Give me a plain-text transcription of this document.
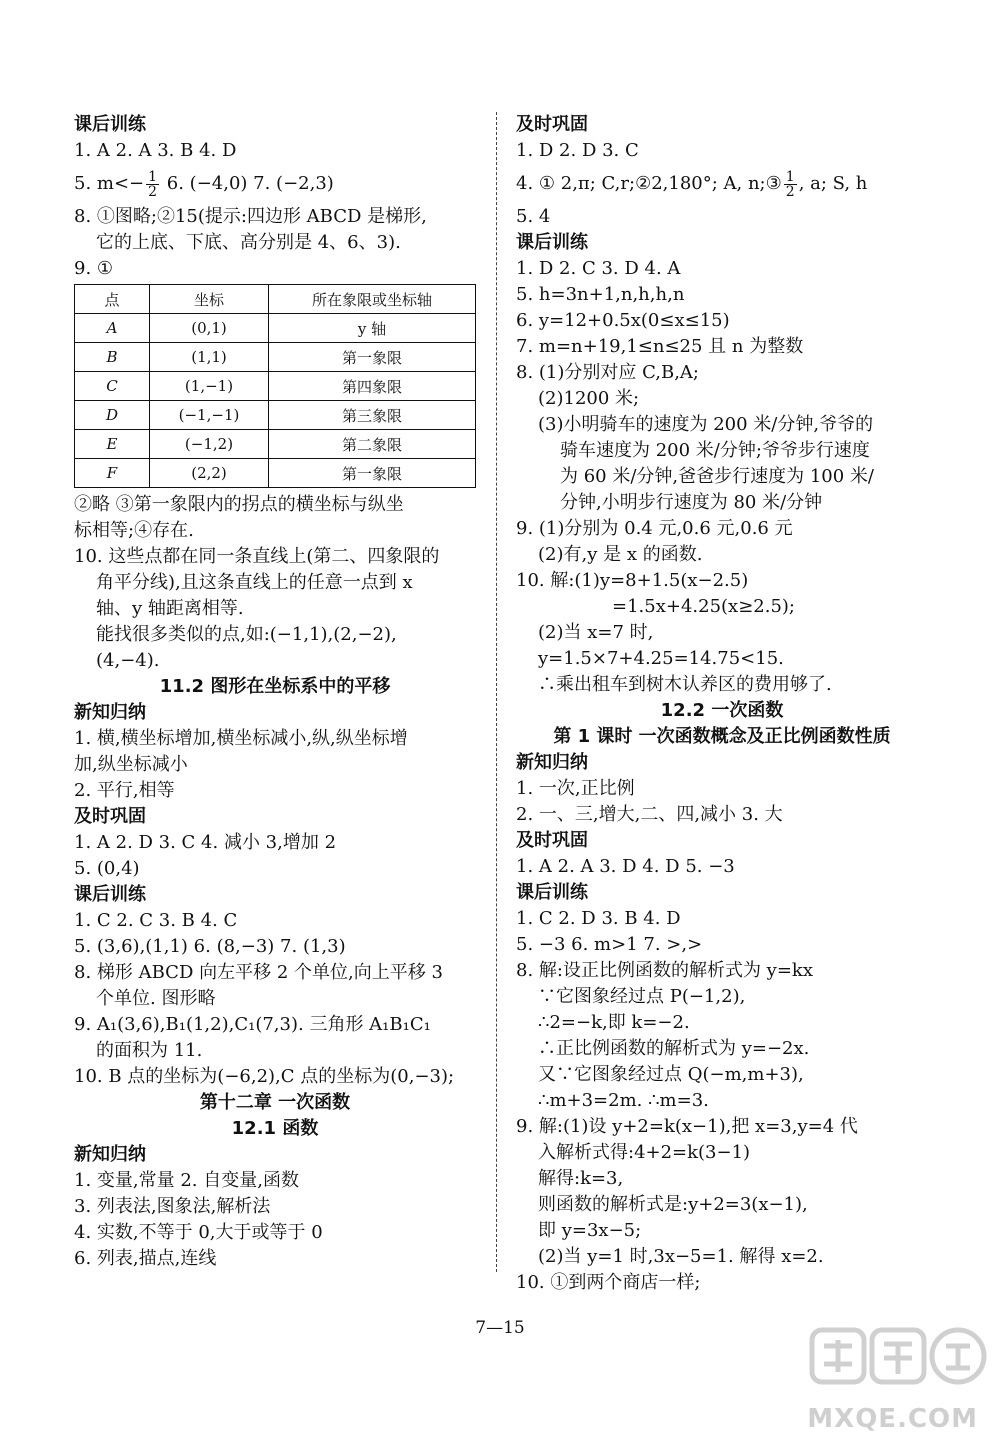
课后训练
1. A 2. A 3. B 4. D
5. $m<- \frac{1}{2} 6$. (−4,0) 7. (−2,3)
8. ①图略;②15(提示:四边形 ABCD 是梯形,
它的上底、下底、高分别是 4、6、3).
9. ①
点	坐标	所在象限或坐标轴
A	(0,1)	y 轴
B	(1,1)	第一象限
C	(1,−1)	第四象限
D	(−1,−1)	第三象限
E	(−1,2)	第二象限
F	(2,2)	第一象限
②略 ③第一象限内的拐点的横坐标与纵坐
标相等;④存在.
10. 这些点都在同一条直线上(第二、四象限的
角平分线),且这条直线上的任意一点到 x
轴、y 轴距离相等.
能找很多类似的点,如:(−1,1),(2,−2),
(4,−4).
11.2 图形在坐标系中的平移
新知归纳
1. 横,横坐标增加,横坐标减小,纵,纵坐标增
加,纵坐标减小
2. 平行,相等
及时巩固
1. A 2. D 3. C 4. 减小 3,增加 2
5. (0,4)
课后训练
1. C 2. C 3. B 4. C
5. (3,6),(1,1) 6. (8,−3) 7. (1,3)
8. 梯形 ABCD 向左平移 2 个单位,向上平移 3
个单位. 图形略
9. A₁(3,6),B₁(1,2),C₁(7,3). 三角形 A₁B₁C₁
的面积为 11.
10. B 点的坐标为(−6,2),C 点的坐标为(0,−3);
第十二章 一次函数
12.1 函数
新知归纳
1. 变量,常量 2. 自变量,函数
3. 列表法,图象法,解析法
4. 实数,不等于 0,大于或等于 0
6. 列表,描点,连线
及时巩固
1. D 2. D 3. C
4. ① 2,π; C,r;②2,180°; A, n;③ $\frac{1}{2}$ , a; S, h
5. 4
课后训练
1. D 2. C 3. D 4. A
5. h=3n+1,n,h,h,n
6. y=12+0.5x(0≤x≤15)
7. m=n+19,1≤n≤25 且 n 为整数
8. (1)分别对应 C,B,A;
(2)1200 米;
(3)小明骑车的速度为 200 米/分钟,爷爷的
骑车速度为 200 米/分钟;爷爷步行速度
为 60 米/分钟,爸爸步行速度为 100 米/
分钟,小明步行速度为 80 米/分钟
9. (1)分别为 0.4 元,0.6 元,0.6 元
(2)有,y 是 x 的函数.
10. 解:(1)y=8+1.5(x−2.5)
=1.5x+4.25(x≥2.5);
(2)当 x=7 时,
y=1.5×7+4.25=14.75<15.
∴乘出租车到树木认养区的费用够了.
12.2 一次函数
第 1 课时 一次函数概念及正比例函数性质
新知归纳
1. 一次,正比例
2. 一、三,增大,二、四,减小 3. 大
及时巩固
1. A 2. A 3. D 4. D 5. −3
课后训练
1. C 2. D 3. B 4. D
5. −3 6. m>1 7. >,>
8. 解:设正比例函数的解析式为 y=kx
∵它图象经过点 P(−1,2),
∴2=−k,即 k=−2.
∴正比例函数的解析式为 y=−2x.
又∵它图象经过点 Q(−m,m+3),
∴m+3=2m. ∴m=3.
9. 解:(1)设 y+2=k(x−1),把 x=3,y=4 代
入解析式得:4+2=k(3−1)
解得:k=3,
则函数的解析式是:y+2=3(x−1),
即 y=3x−5;
(2)当 y=1 时,3x−5=1. 解得 x=2.
10. ①到两个商店一样;
7—15
MXQE.COM
